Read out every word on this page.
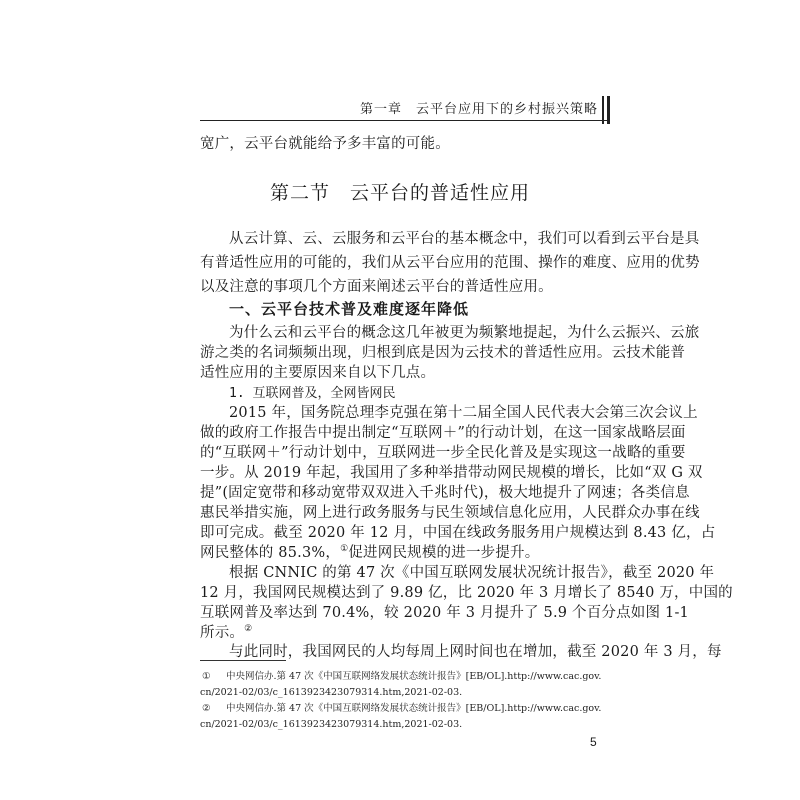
第一章　云平台应用下的乡村振兴策略
宽广，云平台就能给予多丰富的可能。
第二节　云平台的普适性应用
从云计算、云、云服务和云平台的基本概念中，我们可以看到云平台是具
有普适性应用的可能的，我们从云平台应用的范围、操作的难度、应用的优势
以及注意的事项几个方面来阐述云平台的普适性应用。
一、云平台技术普及难度逐年降低
为什么云和云平台的概念这几年被更为频繁地提起，为什么云振兴、云旅
游之类的名词频频出现，归根到底是因为云技术的普适性应用。云技术能普
适性应用的主要原因来自以下几点。
1. 互联网普及，全网皆网民
2015 年，国务院总理李克强在第十二届全国人民代表大会第三次会议上
做的政府工作报告中提出制定“互联网＋”的行动计划，在这一国家战略层面
的“互联网＋”行动计划中，互联网进一步全民化普及是实现这一战略的重要
一步。从 2019 年起，我国用了多种举措带动网民规模的增长，比如“双 G 双
提”(固定宽带和移动宽带双双进入千兆时代)，极大地提升了网速；各类信息
惠民举措实施，网上进行政务服务与民生领域信息化应用，人民群众办事在线
即可完成。截至 2020 年 12 月，中国在线政务服务用户规模达到 8.43 亿，占
网民整体的 85.3%，①促进网民规模的进一步提升。
根据 CNNIC 的第 47 次《中国互联网发展状况统计报告》，截至 2020 年
12 月，我国网民规模达到了 9.89 亿，比 2020 年 3 月增长了 8540 万，中国的
互联网普及率达到 70.4%，较 2020 年 3 月提升了 5.9 个百分点如图 1-1
所示。②
与此同时，我国网民的人均每周上网时间也在增加，截至 2020 年 3 月，每
① 中央网信办.第 47 次《中国互联网络发展状态统计报告》[EB/OL].http://www.cac.gov.
cn/2021-02/03/c_1613923423079314.htm,2021-02-03.
② 中央网信办.第 47 次《中国互联网络发展状态统计报告》[EB/OL].http://www.cac.gov.
cn/2021-02/03/c_1613923423079314.htm,2021-02-03.
5
